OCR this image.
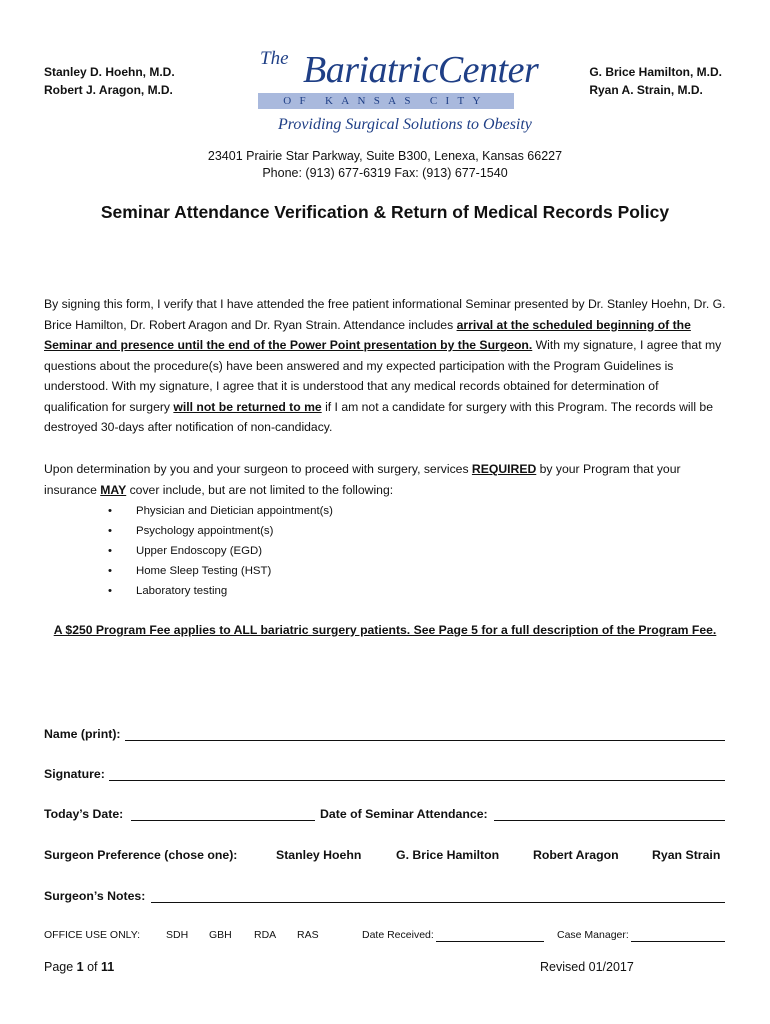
Stanley D. Hoehn, M.D.
Robert J. Aragon, M.D.
The BariatricCenter
OF KANSAS CITY
Providing Surgical Solutions to Obesity
G. Brice Hamilton, M.D.
Ryan A. Strain, M.D.
23401 Prairie Star Parkway, Suite B300, Lenexa, Kansas 66227
Phone: (913) 677-6319 Fax: (913) 677-1540
Seminar Attendance Verification & Return of Medical Records Policy

By signing this form, I verify that I have attended the free patient informational Seminar presented by Dr. Stanley Hoehn, Dr. G. Brice Hamilton, Dr. Robert Aragon and Dr. Ryan Strain. Attendance includes arrival at the scheduled beginning of the Seminar and presence until the end of the Power Point presentation by the Surgeon. With my signature, I agree that my questions about the procedure(s) have been answered and my expected participation with the Program Guidelines is understood. With my signature, I agree that it is understood that any medical records obtained for determination of qualification for surgery will not be returned to me if I am not a candidate for surgery with this Program. The records will be destroyed 30-days after notification of non-candidacy.

Upon determination by you and your surgeon to proceed with surgery, services REQUIRED by your Program that your insurance MAY cover include, but are not limited to the following:

• Physician and Dietician appointment(s)
• Psychology appointment(s)
• Upper Endoscopy (EGD)
• Home Sleep Testing (HST)
• Laboratory testing
A $250 Program Fee applies to ALL bariatric surgery patients. See Page 5 for a full description of the Program Fee.
Name (print):
Signature:
Today’s Date:	Date of Seminar Attendance:
Surgeon Preference (chose one):	Stanley Hoehn	G. Brice Hamilton	Robert Aragon	Ryan Strain
Surgeon’s Notes:
OFFICE USE ONLY: SDH GBH RDA RAS	Date Received:	Case Manager:
Page 1 of 11	Revised 01/2017
